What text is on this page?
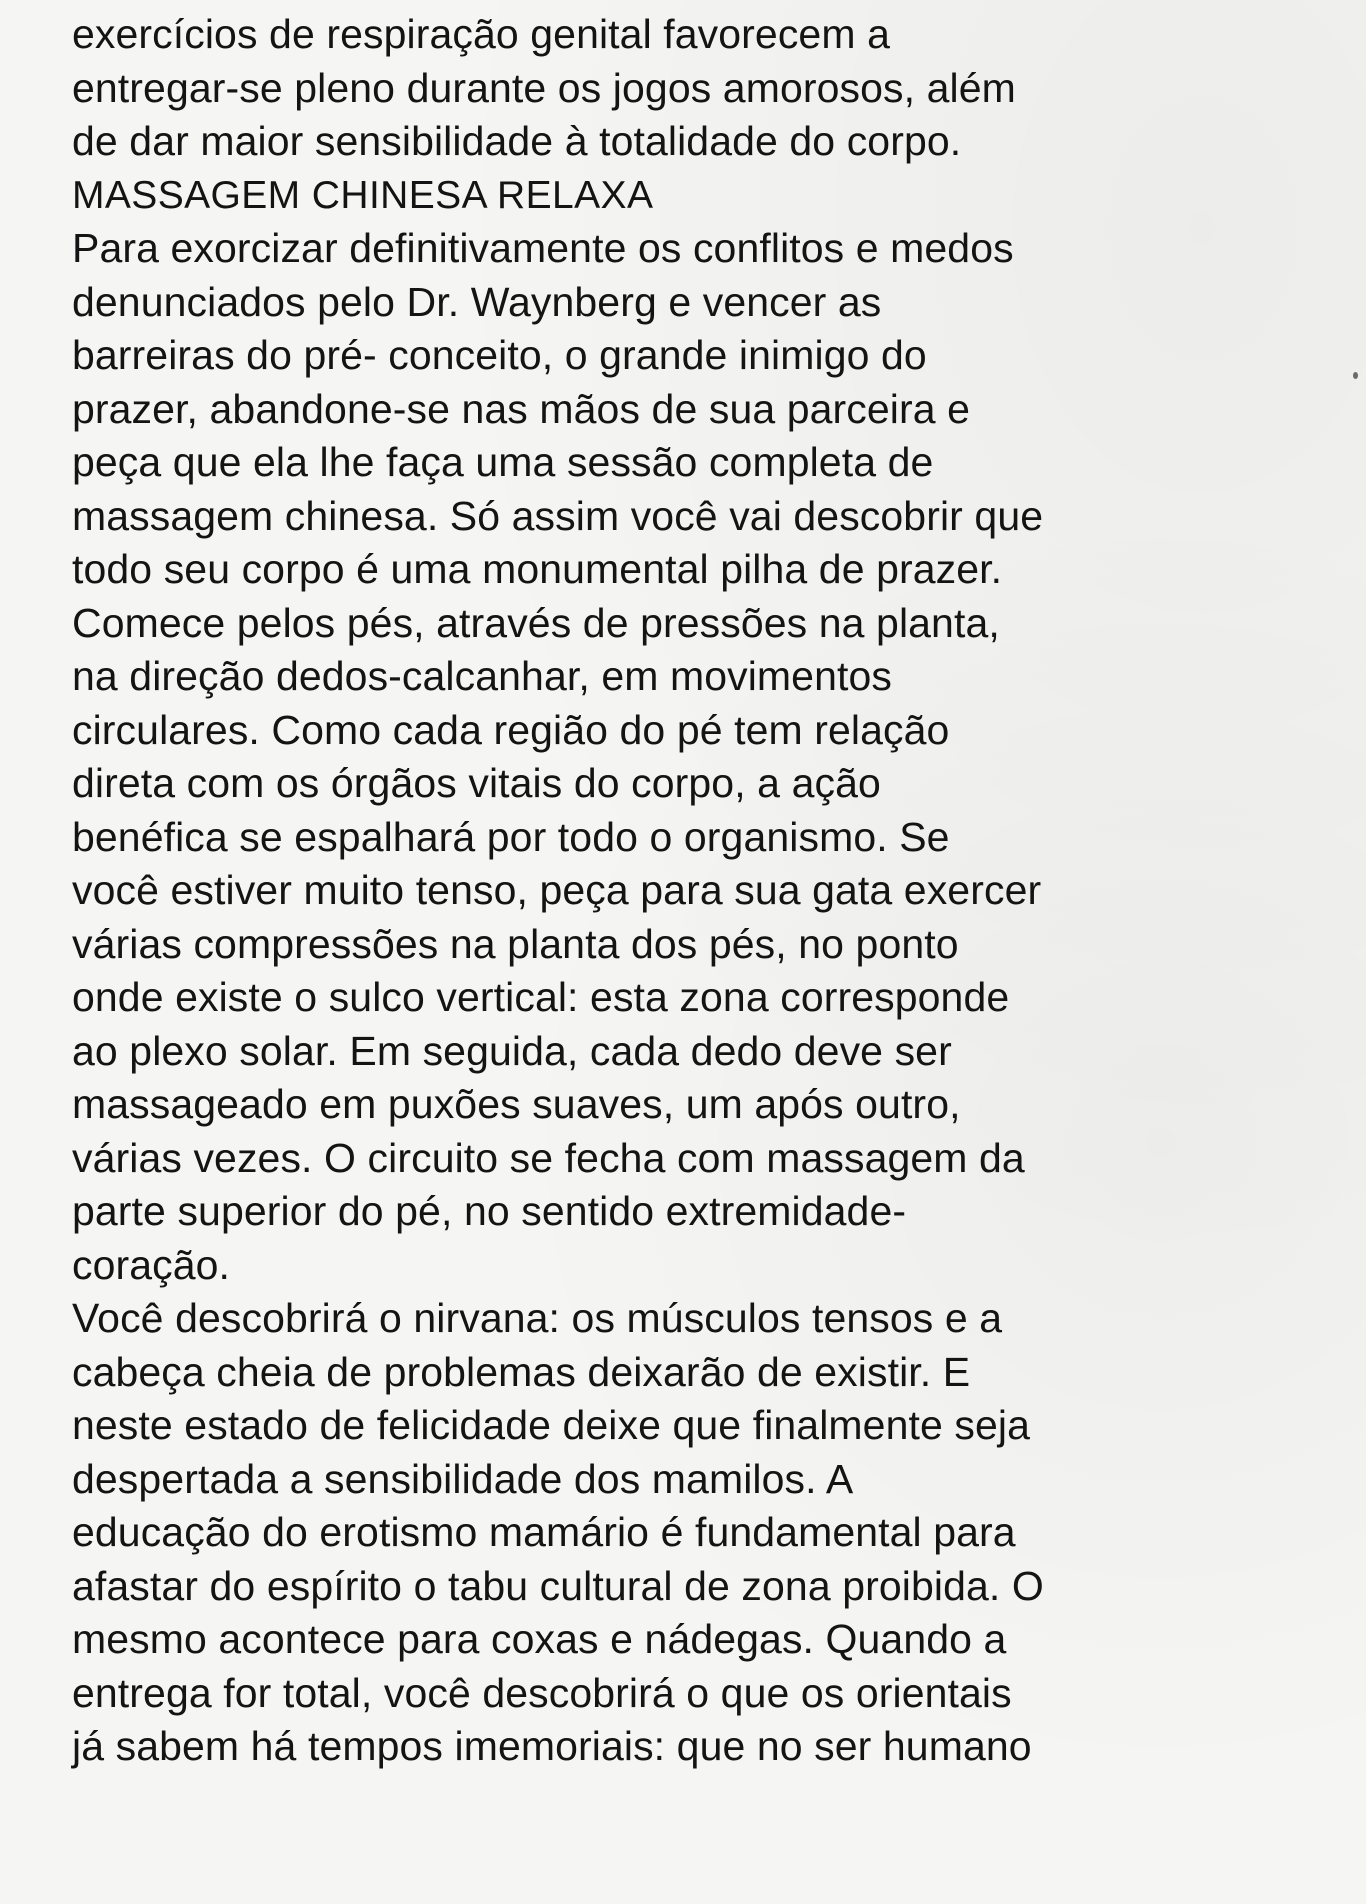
exercícios de respiração genital favorecem a
entregar-se pleno durante os jogos amorosos, além
de dar maior sensibilidade à totalidade do corpo.
MASSAGEM CHINESA RELAXA
Para exorcizar definitivamente os conflitos e medos
denunciados pelo Dr. Waynberg e vencer as
barreiras do pré- conceito, o grande inimigo do
prazer, abandone-se nas mãos de sua parceira e
peça que ela lhe faça uma sessão completa de
massagem chinesa. Só assim você vai descobrir que
todo seu corpo é uma monumental pilha de prazer.
Comece pelos pés, através de pressões na planta,
na direção dedos-calcanhar, em movimentos
circulares. Como cada região do pé tem relação
direta com os órgãos vitais do corpo, a ação
benéfica se espalhará por todo o organismo. Se
você estiver muito tenso, peça para sua gata exercer
várias compressões na planta dos pés, no ponto
onde existe o sulco vertical: esta zona corresponde
ao plexo solar. Em seguida, cada dedo deve ser
massageado em puxões suaves, um após outro,
várias vezes. O circuito se fecha com massagem da
parte superior do pé, no sentido extremidade-
coração.
Você descobrirá o nirvana: os músculos tensos e a
cabeça cheia de problemas deixarão de existir. E
neste estado de felicidade deixe que finalmente seja
despertada a sensibilidade dos mamilos. A
educação do erotismo mamário é fundamental para
afastar do espírito o tabu cultural de zona proibida. O
mesmo acontece para coxas e nádegas. Quando a
entrega for total, você descobrirá o que os orientais
já sabem há tempos imemoriais: que no ser humano
